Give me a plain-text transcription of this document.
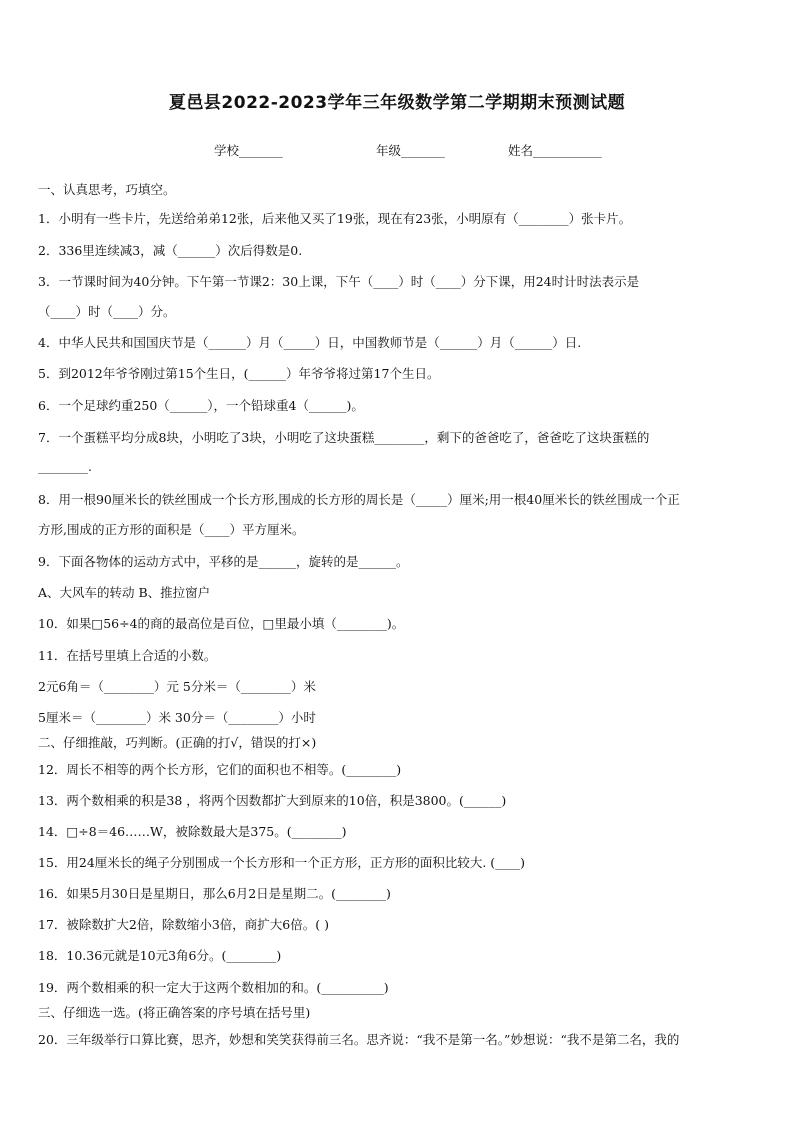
夏邑县2022-2023学年三年级数学第二学期期末预测试题
学校_______	年级_______	姓名___________
一、认真思考，巧填空。
1．小明有一些卡片，先送给弟弟12张，后来他又买了19张，现在有23张，小明原有（________）张卡片。
2．336里连续减3，减（______）次后得数是0.
3．一节课时间为40分钟。下午第一节课2：30上课，下午（____）时（____）分下课，用24时计时法表示是
（____）时（____）分。
4．中华人民共和国国庆节是（______）月（_____）日，中国教师节是（______）月（______）日.
5．到2012年爷爷刚过第15个生日，(______）年爷爷将过第17个生日。
6．一个足球约重250（______），一个铅球重4（______)。
7．一个蛋糕平均分成8块，小明吃了3块，小明吃了这块蛋糕________，剩下的爸爸吃了，爸爸吃了这块蛋糕的
________.
8．用一根90厘米长的铁丝围成一个长方形,围成的长方形的周长是（_____）厘米;用一根40厘米长的铁丝围成一个正
方形,围成的正方形的面积是（____）平方厘米。
9．下面各物体的运动方式中，平移的是______，旋转的是______。
A、大风车的转动 B、推拉窗户
10．如果□56÷4的商的最高位是百位，□里最小填（________)。
11．在括号里填上合适的小数。
2元6角＝（________）元 5分米＝（________）米
5厘米＝（________）米 30分＝（________）小时
二、仔细推敲，巧判断。(正确的打√，错误的打×)
12．周长不相等的两个长方形，它们的面积也不相等。(________)
13．两个数相乘的积是38 ，将两个因数都扩大到原来的10倍，积是3800。(______)
14．□÷8＝46……W，被除数最大是375。(________)
15．用24厘米长的绳子分别围成一个长方形和一个正方形，正方形的面积比较大. (____)
16．如果5月30日是星期日，那么6月2日是星期二。(________)
17．被除数扩大2倍，除数缩小3倍，商扩大6倍。( )
18．10.36元就是10元3角6分。(________)
19．两个数相乘的积一定大于这两个数相加的和。(__________)
三、仔细选一选。(将正确答案的序号填在括号里)
20．三年级举行口算比赛，思齐，妙想和笑笑获得前三名。思齐说：“我不是第一名。”妙想说：“我不是第二名，我的
